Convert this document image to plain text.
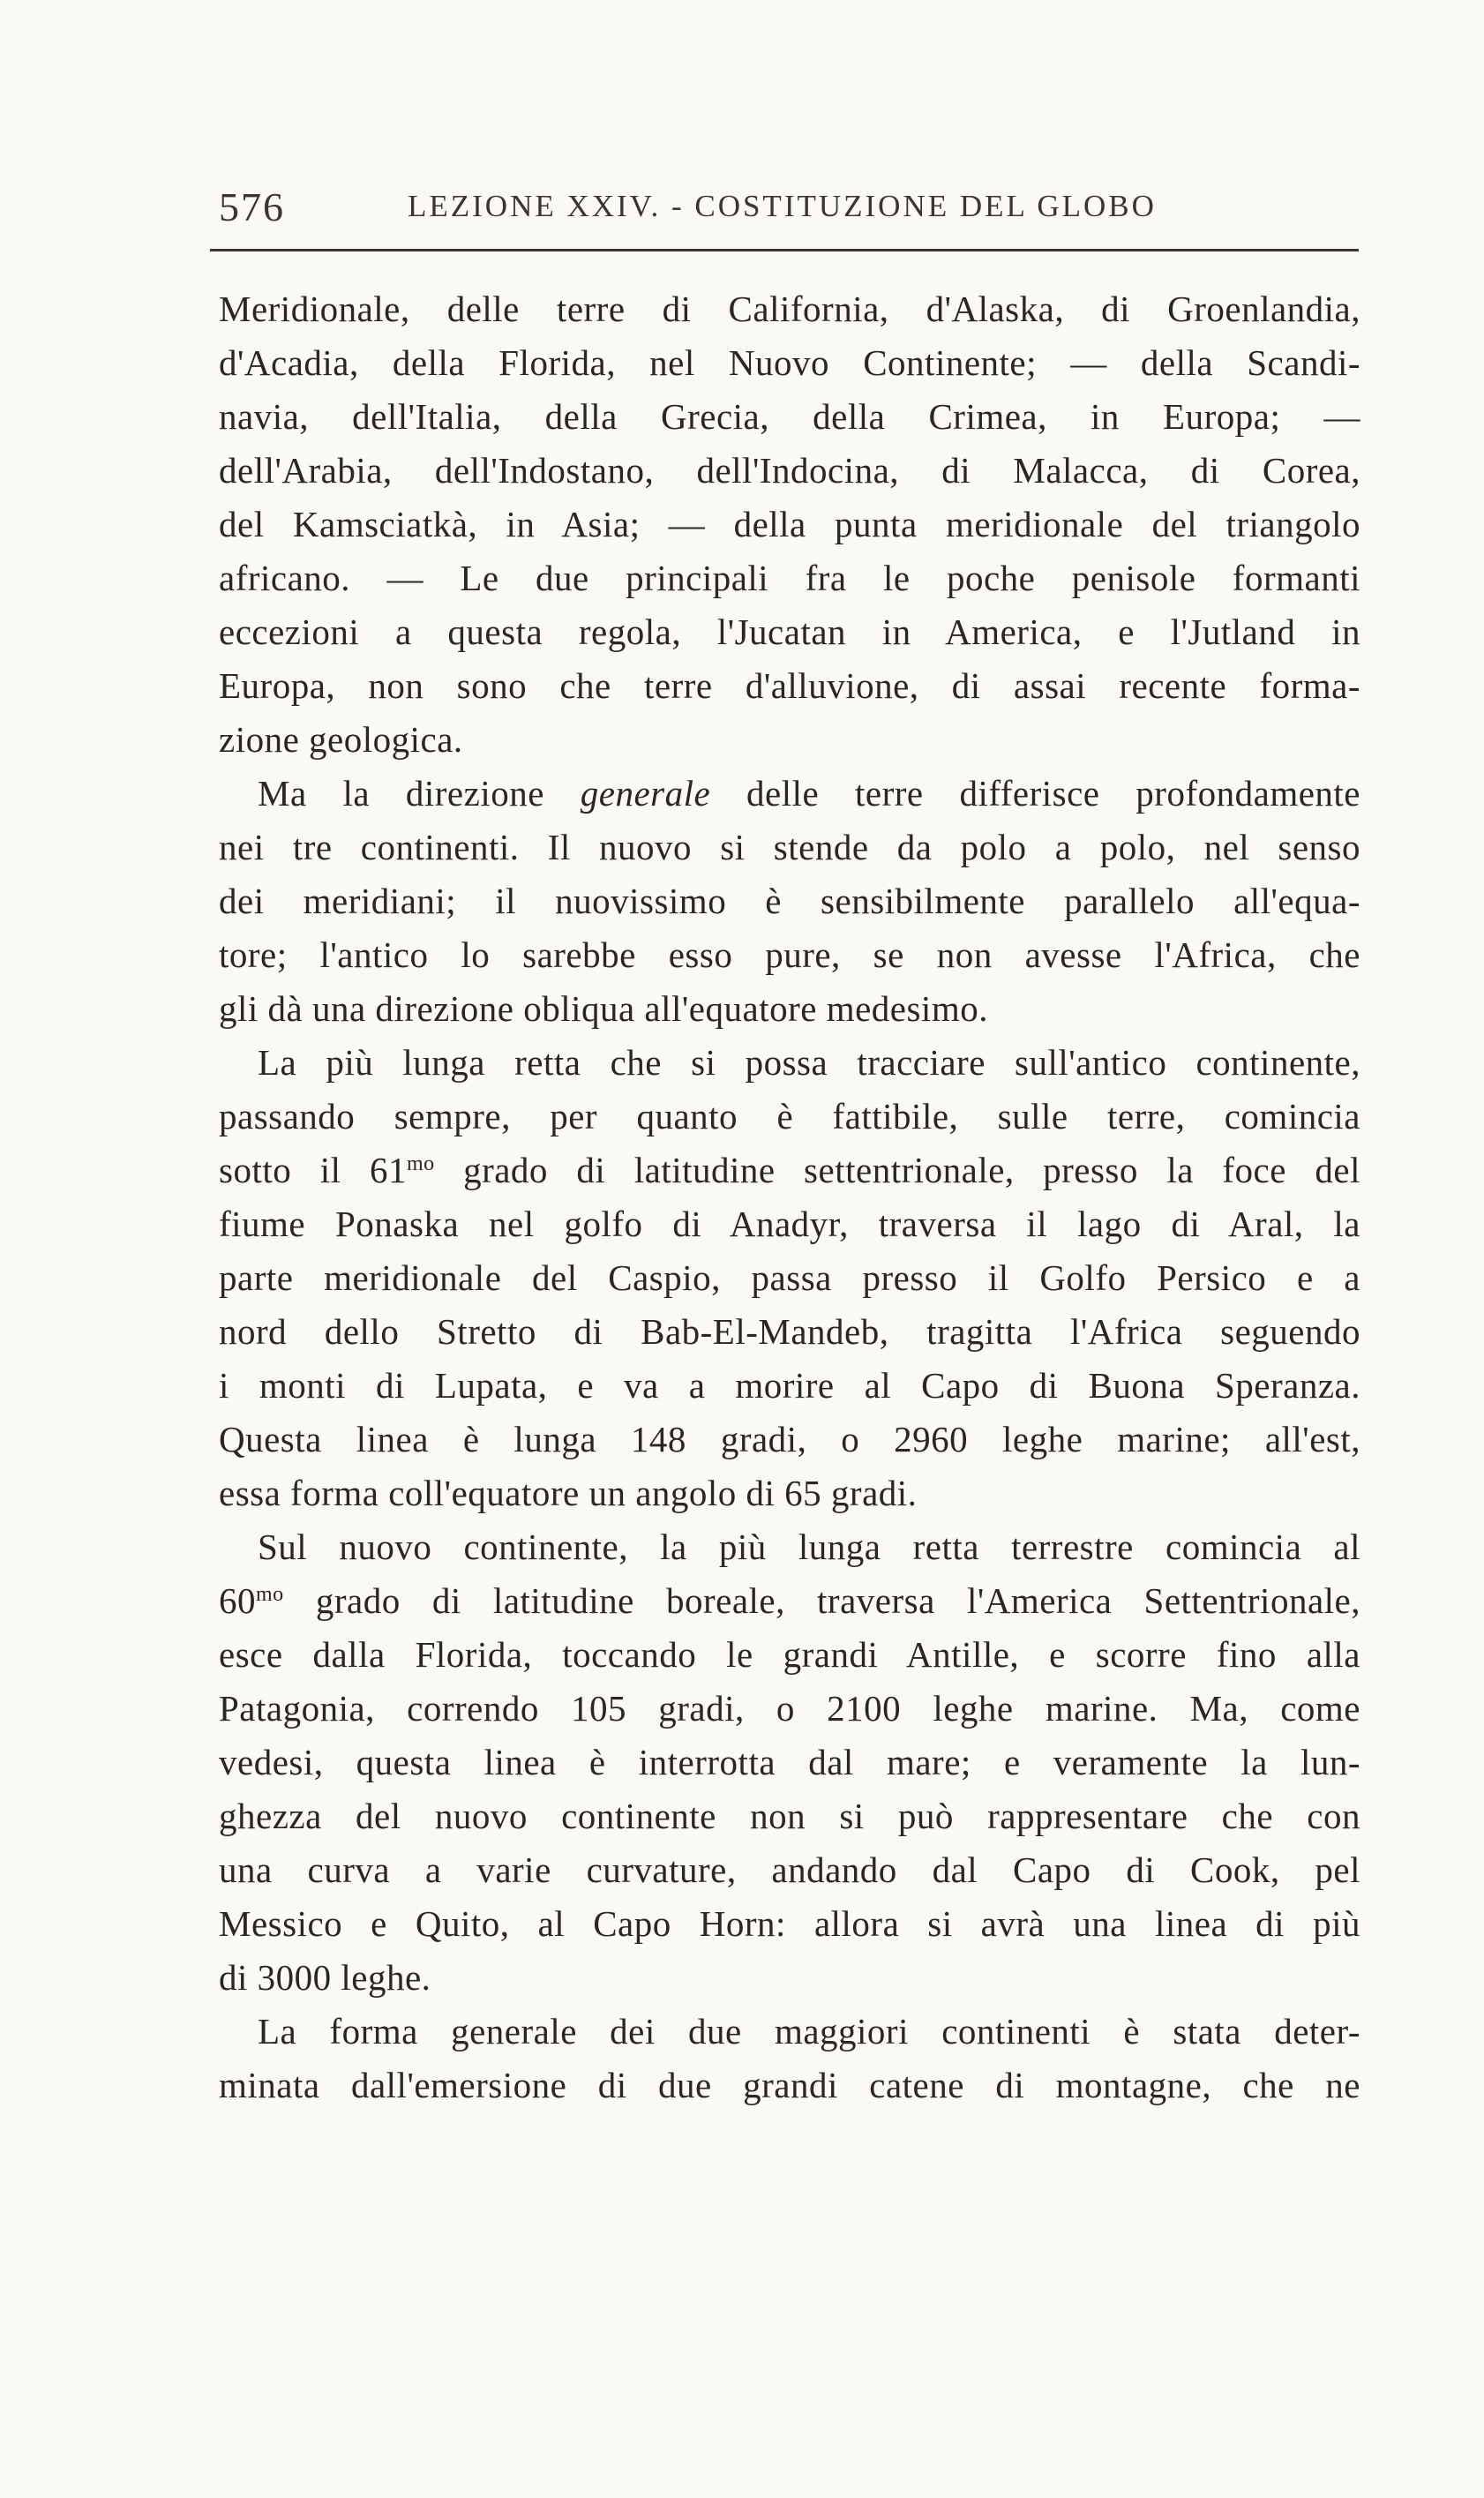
576	LEZIONE XXIV. - COSTITUZIONE DEL GLOBO
Meridionale, delle terre di California, d'Alaska, di Groenlandia,
d'Acadia, della Florida, nel Nuovo Continente; — della Scandi-
navia, dell'Italia, della Grecia, della Crimea, in Europa; —
dell'Arabia, dell'Indostano, dell'Indocina, di Malacca, di Corea,
del Kamsciatkà, in Asia; — della punta meridionale del triangolo
africano. — Le due principali fra le poche penisole formanti
eccezioni a questa regola, l'Jucatan in America, e l'Jutland in
Europa, non sono che terre d'alluvione, di assai recente forma-
zione geologica.
Ma la direzione generale delle terre differisce profondamente
nei tre continenti. Il nuovo si stende da polo a polo, nel senso
dei meridiani; il nuovissimo è sensibilmente parallelo all'equa-
tore; l'antico lo sarebbe esso pure, se non avesse l'Africa, che
gli dà una direzione obliqua all'equatore medesimo.
La più lunga retta che si possa tracciare sull'antico continente,
passando sempre, per quanto è fattibile, sulle terre, comincia
sotto il $61^{mo}$ grado di latitudine settentrionale, presso la foce del
fiume Ponaska nel golfo di Anadyr, traversa il lago di Aral, la
parte meridionale del Caspio, passa presso il Golfo Persico e a
nord dello Stretto di Bab-El-Mandeb, tragitta l'Africa seguendo
i monti di Lupata, e va a morire al Capo di Buona Speranza.
Questa linea è lunga 148 gradi, o 2960 leghe marine; all'est,
essa forma coll'equatore un angolo di 65 gradi.
Sul nuovo continente, la più lunga retta terrestre comincia al
$60^{mo}$ grado di latitudine boreale, traversa l'America Settentrionale,
esce dalla Florida, toccando le grandi Antille, e scorre fino alla
Patagonia, correndo 105 gradi, o 2100 leghe marine. Ma, come
vedesi, questa linea è interrotta dal mare; e veramente la lun-
ghezza del nuovo continente non si può rappresentare che con
una curva a varie curvature, andando dal Capo di Cook, pel
Messico e Quito, al Capo Horn: allora si avrà una linea di più
di 3000 leghe.
La forma generale dei due maggiori continenti è stata deter-
minata dall'emersione di due grandi catene di montagne, che ne
